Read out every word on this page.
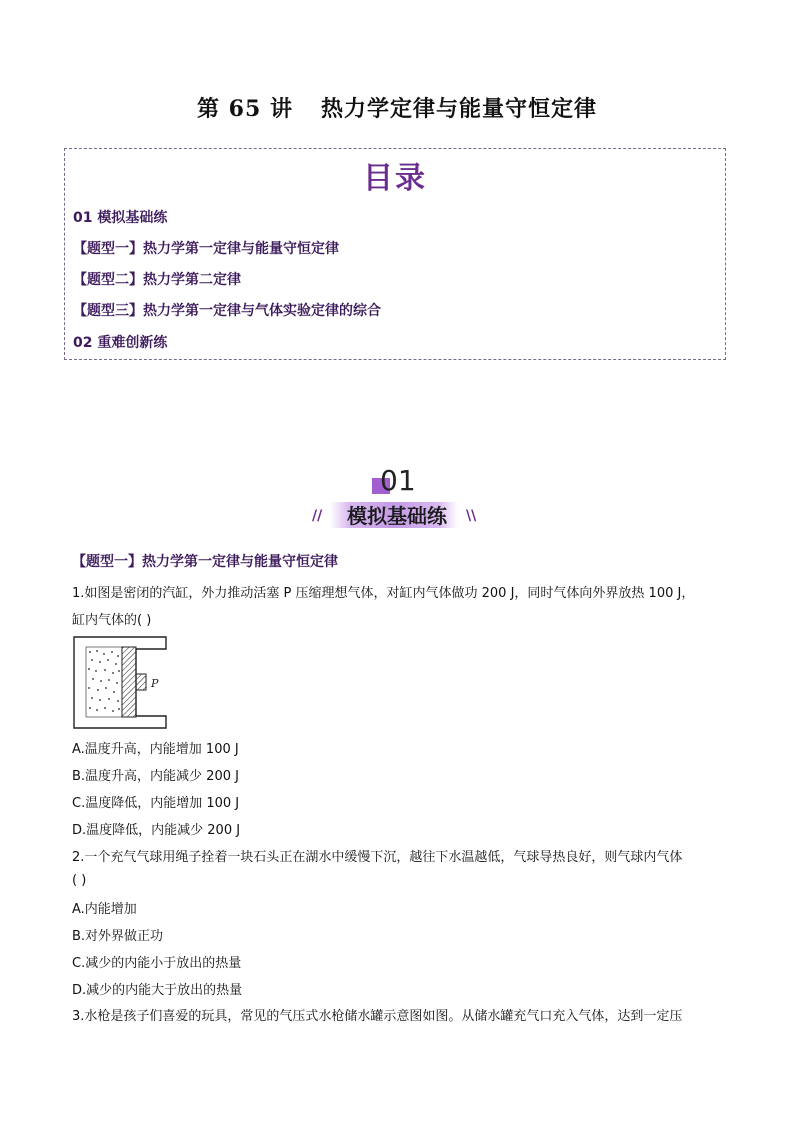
第 65 讲 热力学定律与能量守恒定律
目录
01 模拟基础练
【题型一】热力学第一定律与能量守恒定律
【题型二】热力学第二定律
【题型三】热力学第一定律与气体实验定律的综合
02 重难创新练
01
//	模拟基础练	\\
【题型一】热力学第一定律与能量守恒定律
1.如图是密闭的汽缸，外力推动活塞 P 压缩理想气体，对缸内气体做功 200 J，同时气体向外界放热 100 J，
缸内气体的( )
P
A.温度升高，内能增加 100 J
B.温度升高，内能减少 200 J
C.温度降低，内能增加 100 J
D.温度降低，内能减少 200 J
2.一个充气气球用绳子拴着一块石头正在湖水中缓慢下沉，越往下水温越低，气球导热良好，则气球内气体
( )
A.内能增加
B.对外界做正功
C.减少的内能小于放出的热量
D.减少的内能大于放出的热量
3.水枪是孩子们喜爱的玩具，常见的气压式水枪储水罐示意图如图。从储水罐充气口充入气体，达到一定压
